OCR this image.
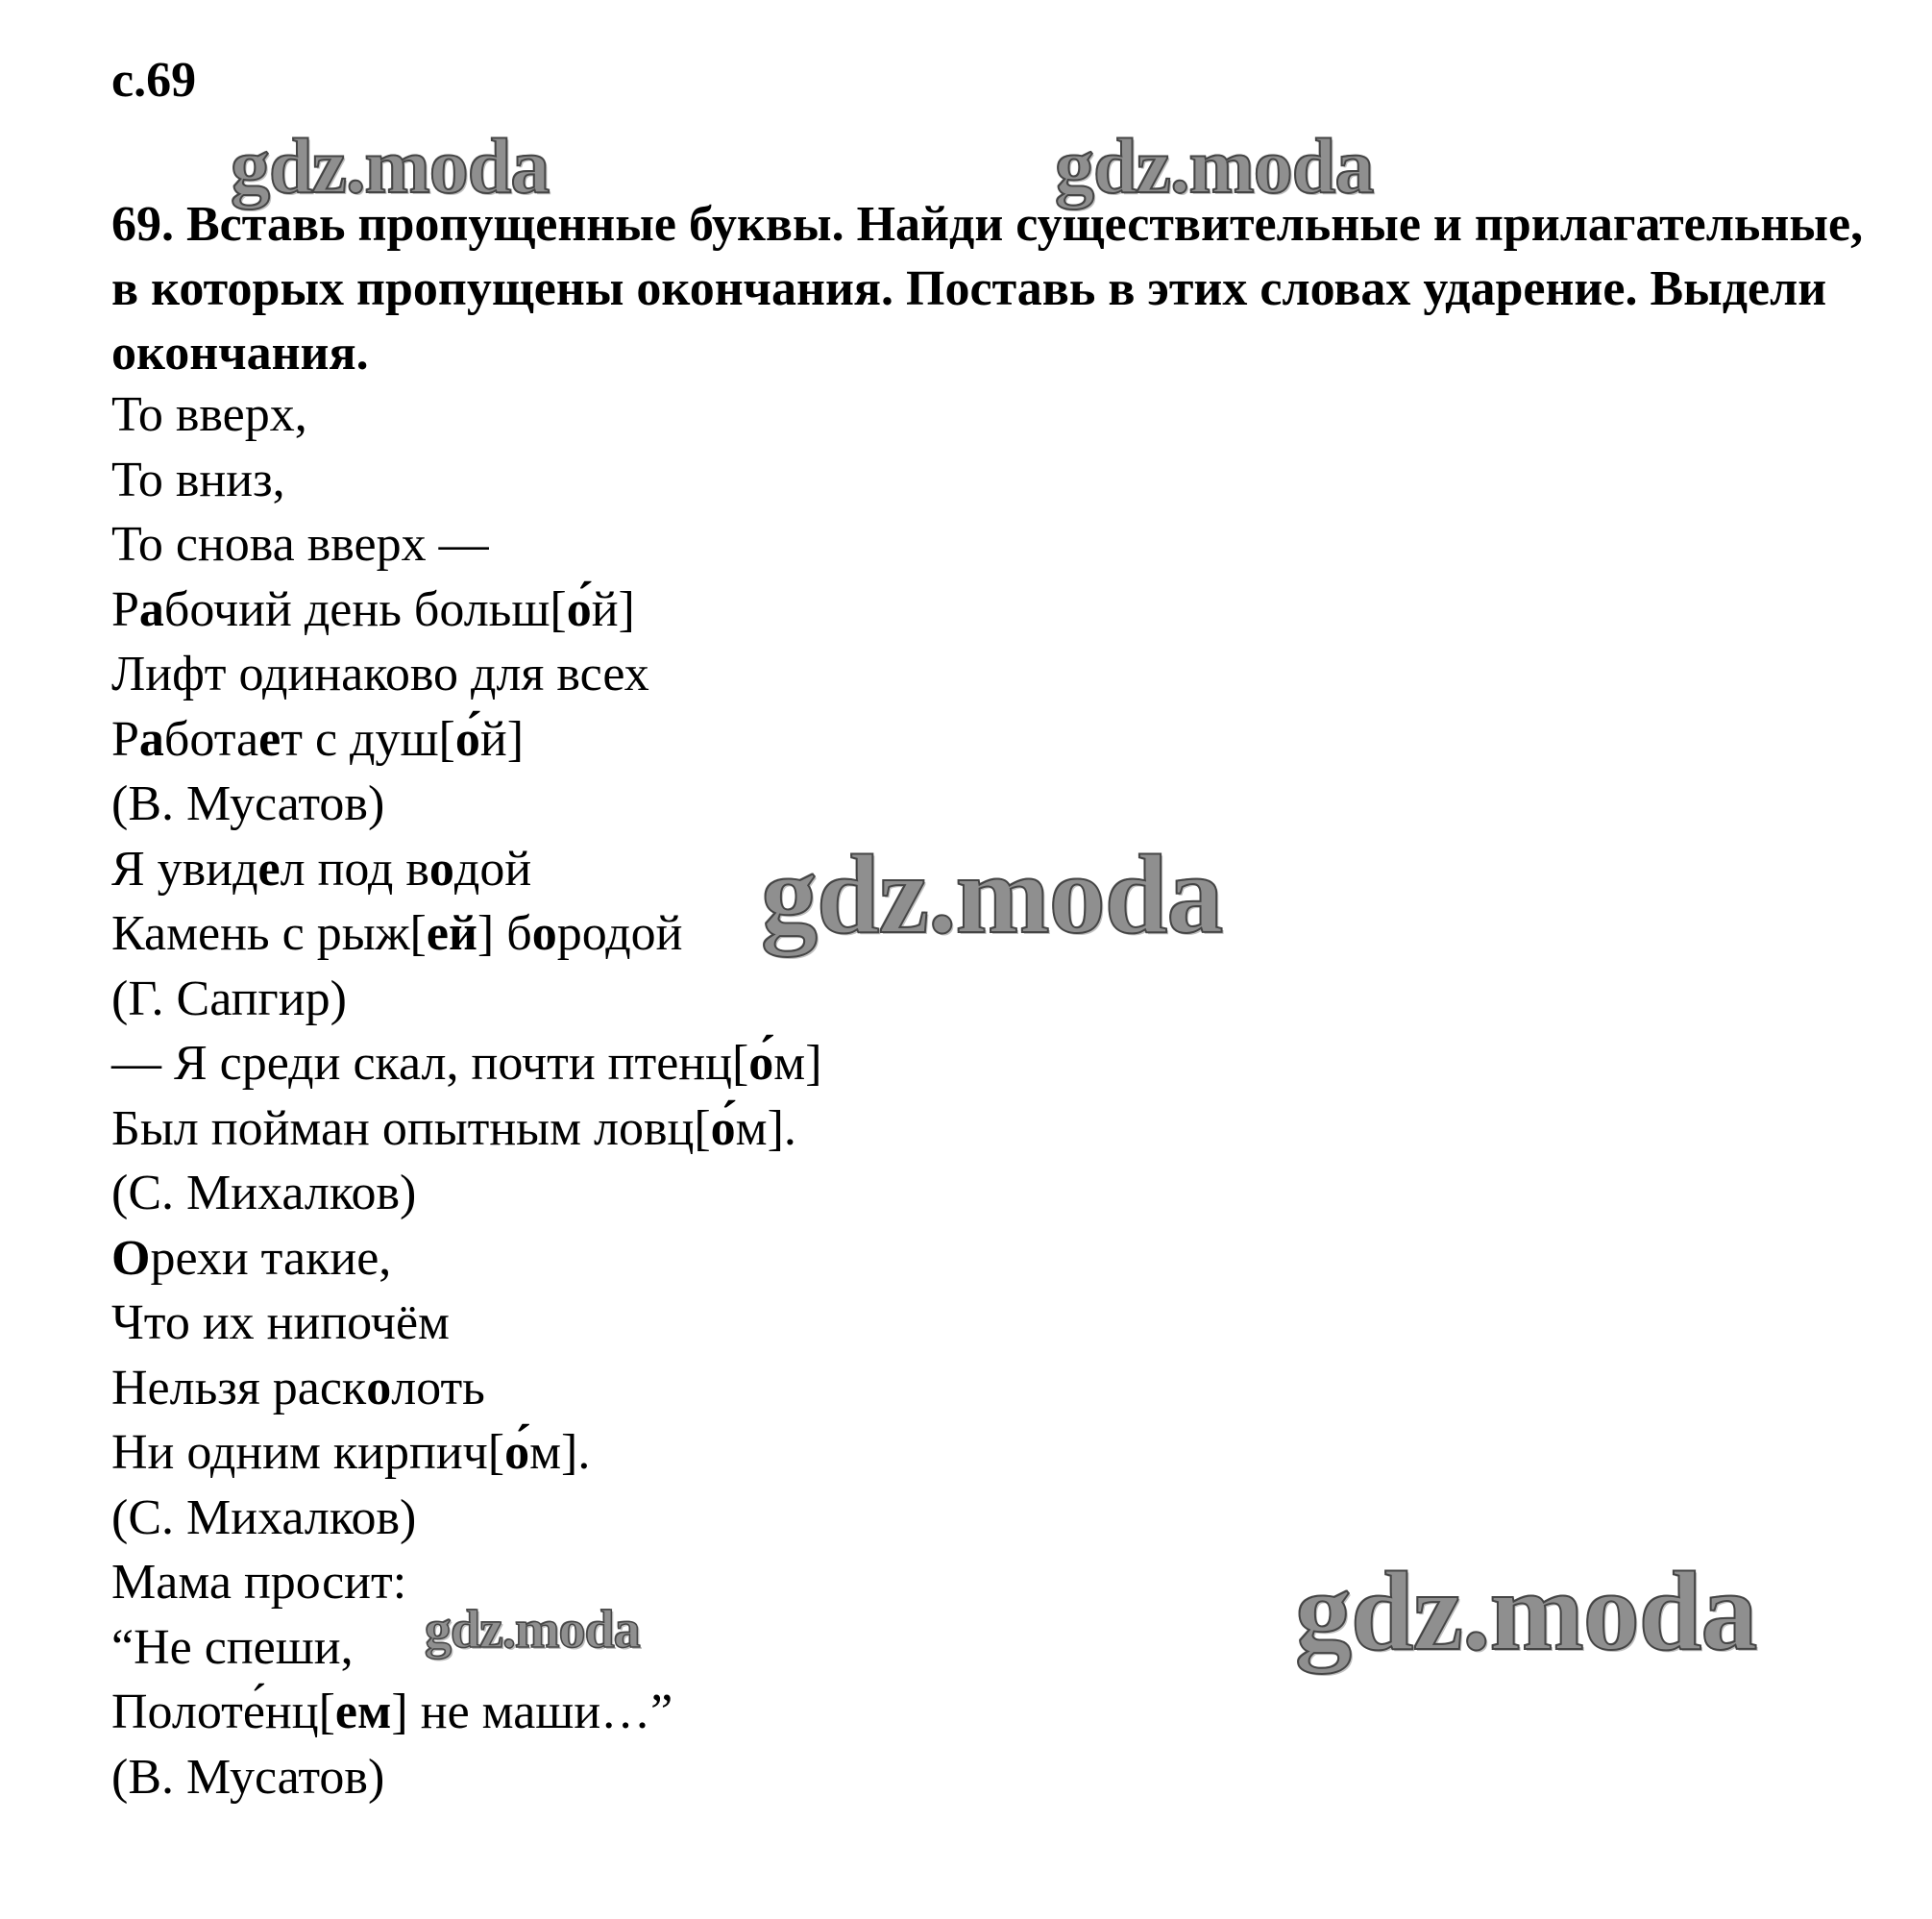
с.69
69. Вставь пропущенные буквы. Найди существительные и прилагательные, в которых пропущены окончания. Поставь в этих словах ударение. Выдели окончания.
То вверх,
То вниз,
То снова вверх —
Рабочий день больш[о́й]
Лифт одинаково для всех
Работает с душ[о́й]
(В. Мусатов)
Я увидел под водой
Камень с рыж[ей] бородой
(Г. Сапгир)
— Я среди скал, почти птенц[о́м]
Был пойман опытным ловц[о́м].
(С. Михалков)
Орехи такие,
Что их нипочём
Нельзя расколоть
Ни одним кирпич[о́м].
(С. Михалков)
Мама просит:
“Не спеши,
Полоте́нц[ем] не маши…”
(В. Мусатов)
gdz.moda	gdz.moda
gdz.moda
gdz.moda
gdz.moda
